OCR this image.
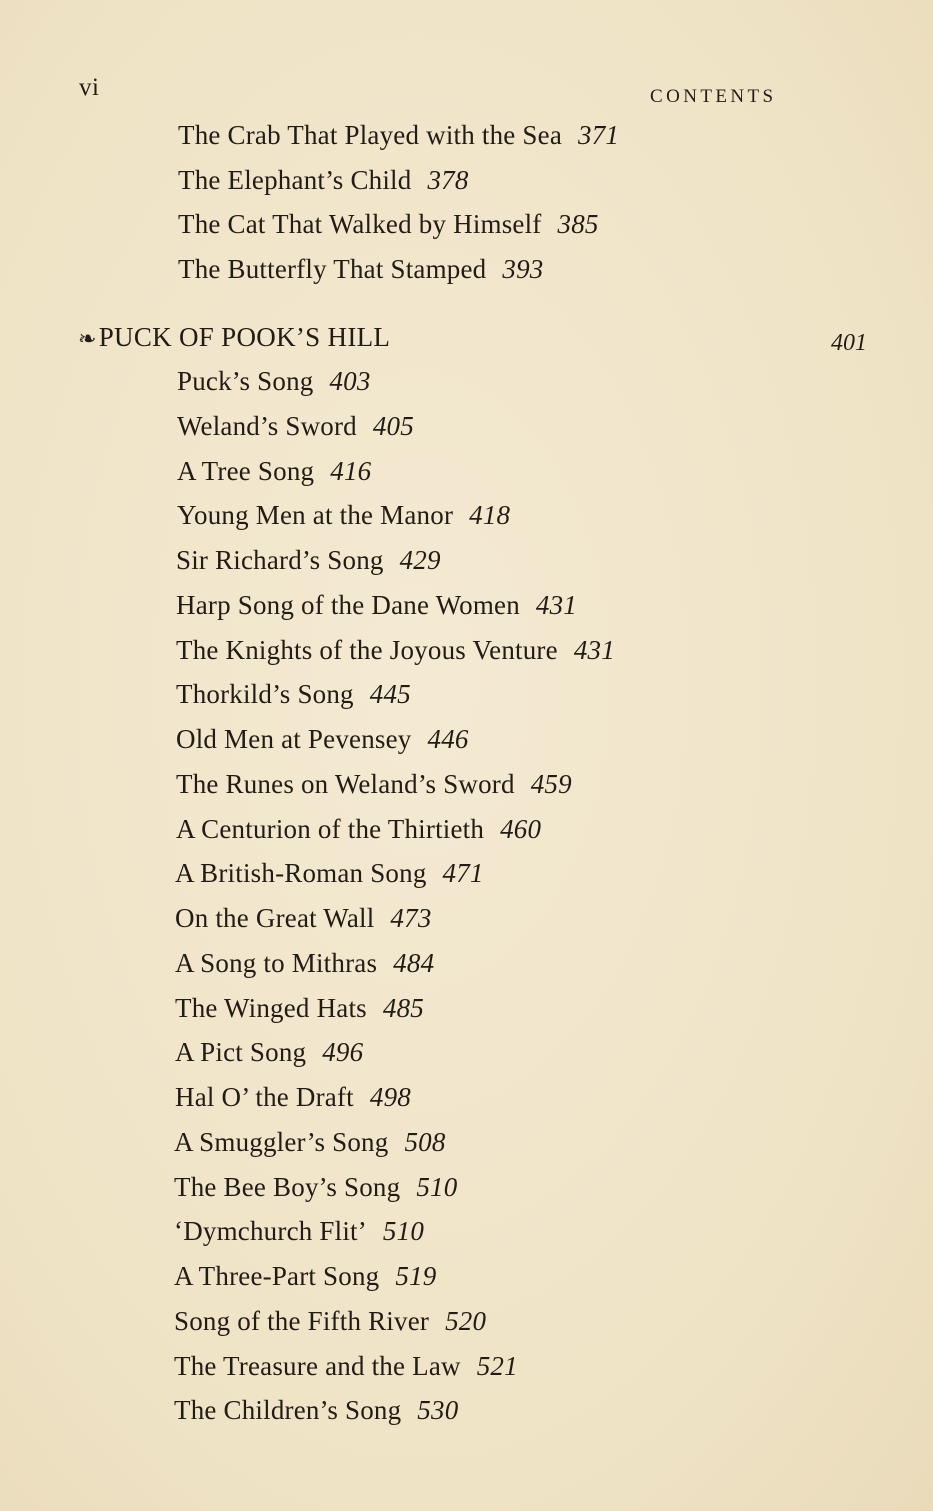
vi	CONTENTS
The Crab That Played with the Sea 371
The Elephant’s Child 378
The Cat That Walked by Himself 385
The Butterfly That Stamped 393
❧PUCK OF POOK’S HILL	401
Puck’s Song 403
Weland’s Sword 405
A Tree Song 416
Young Men at the Manor 418
Sir Richard’s Song 429
Harp Song of the Dane Women 431
The Knights of the Joyous Venture 431
Thorkild’s Song 445
Old Men at Pevensey 446
The Runes on Weland’s Sword 459
A Centurion of the Thirtieth 460
A British-Roman Song 471
On the Great Wall 473
A Song to Mithras 484
The Winged Hats 485
A Pict Song 496
Hal O’ the Draft 498
A Smuggler’s Song 508
The Bee Boy’s Song 510
‘Dymchurch Flit’ 510
A Three-Part Song 519
Song of the Fifth River 520
The Treasure and the Law 521
The Children’s Song 530
